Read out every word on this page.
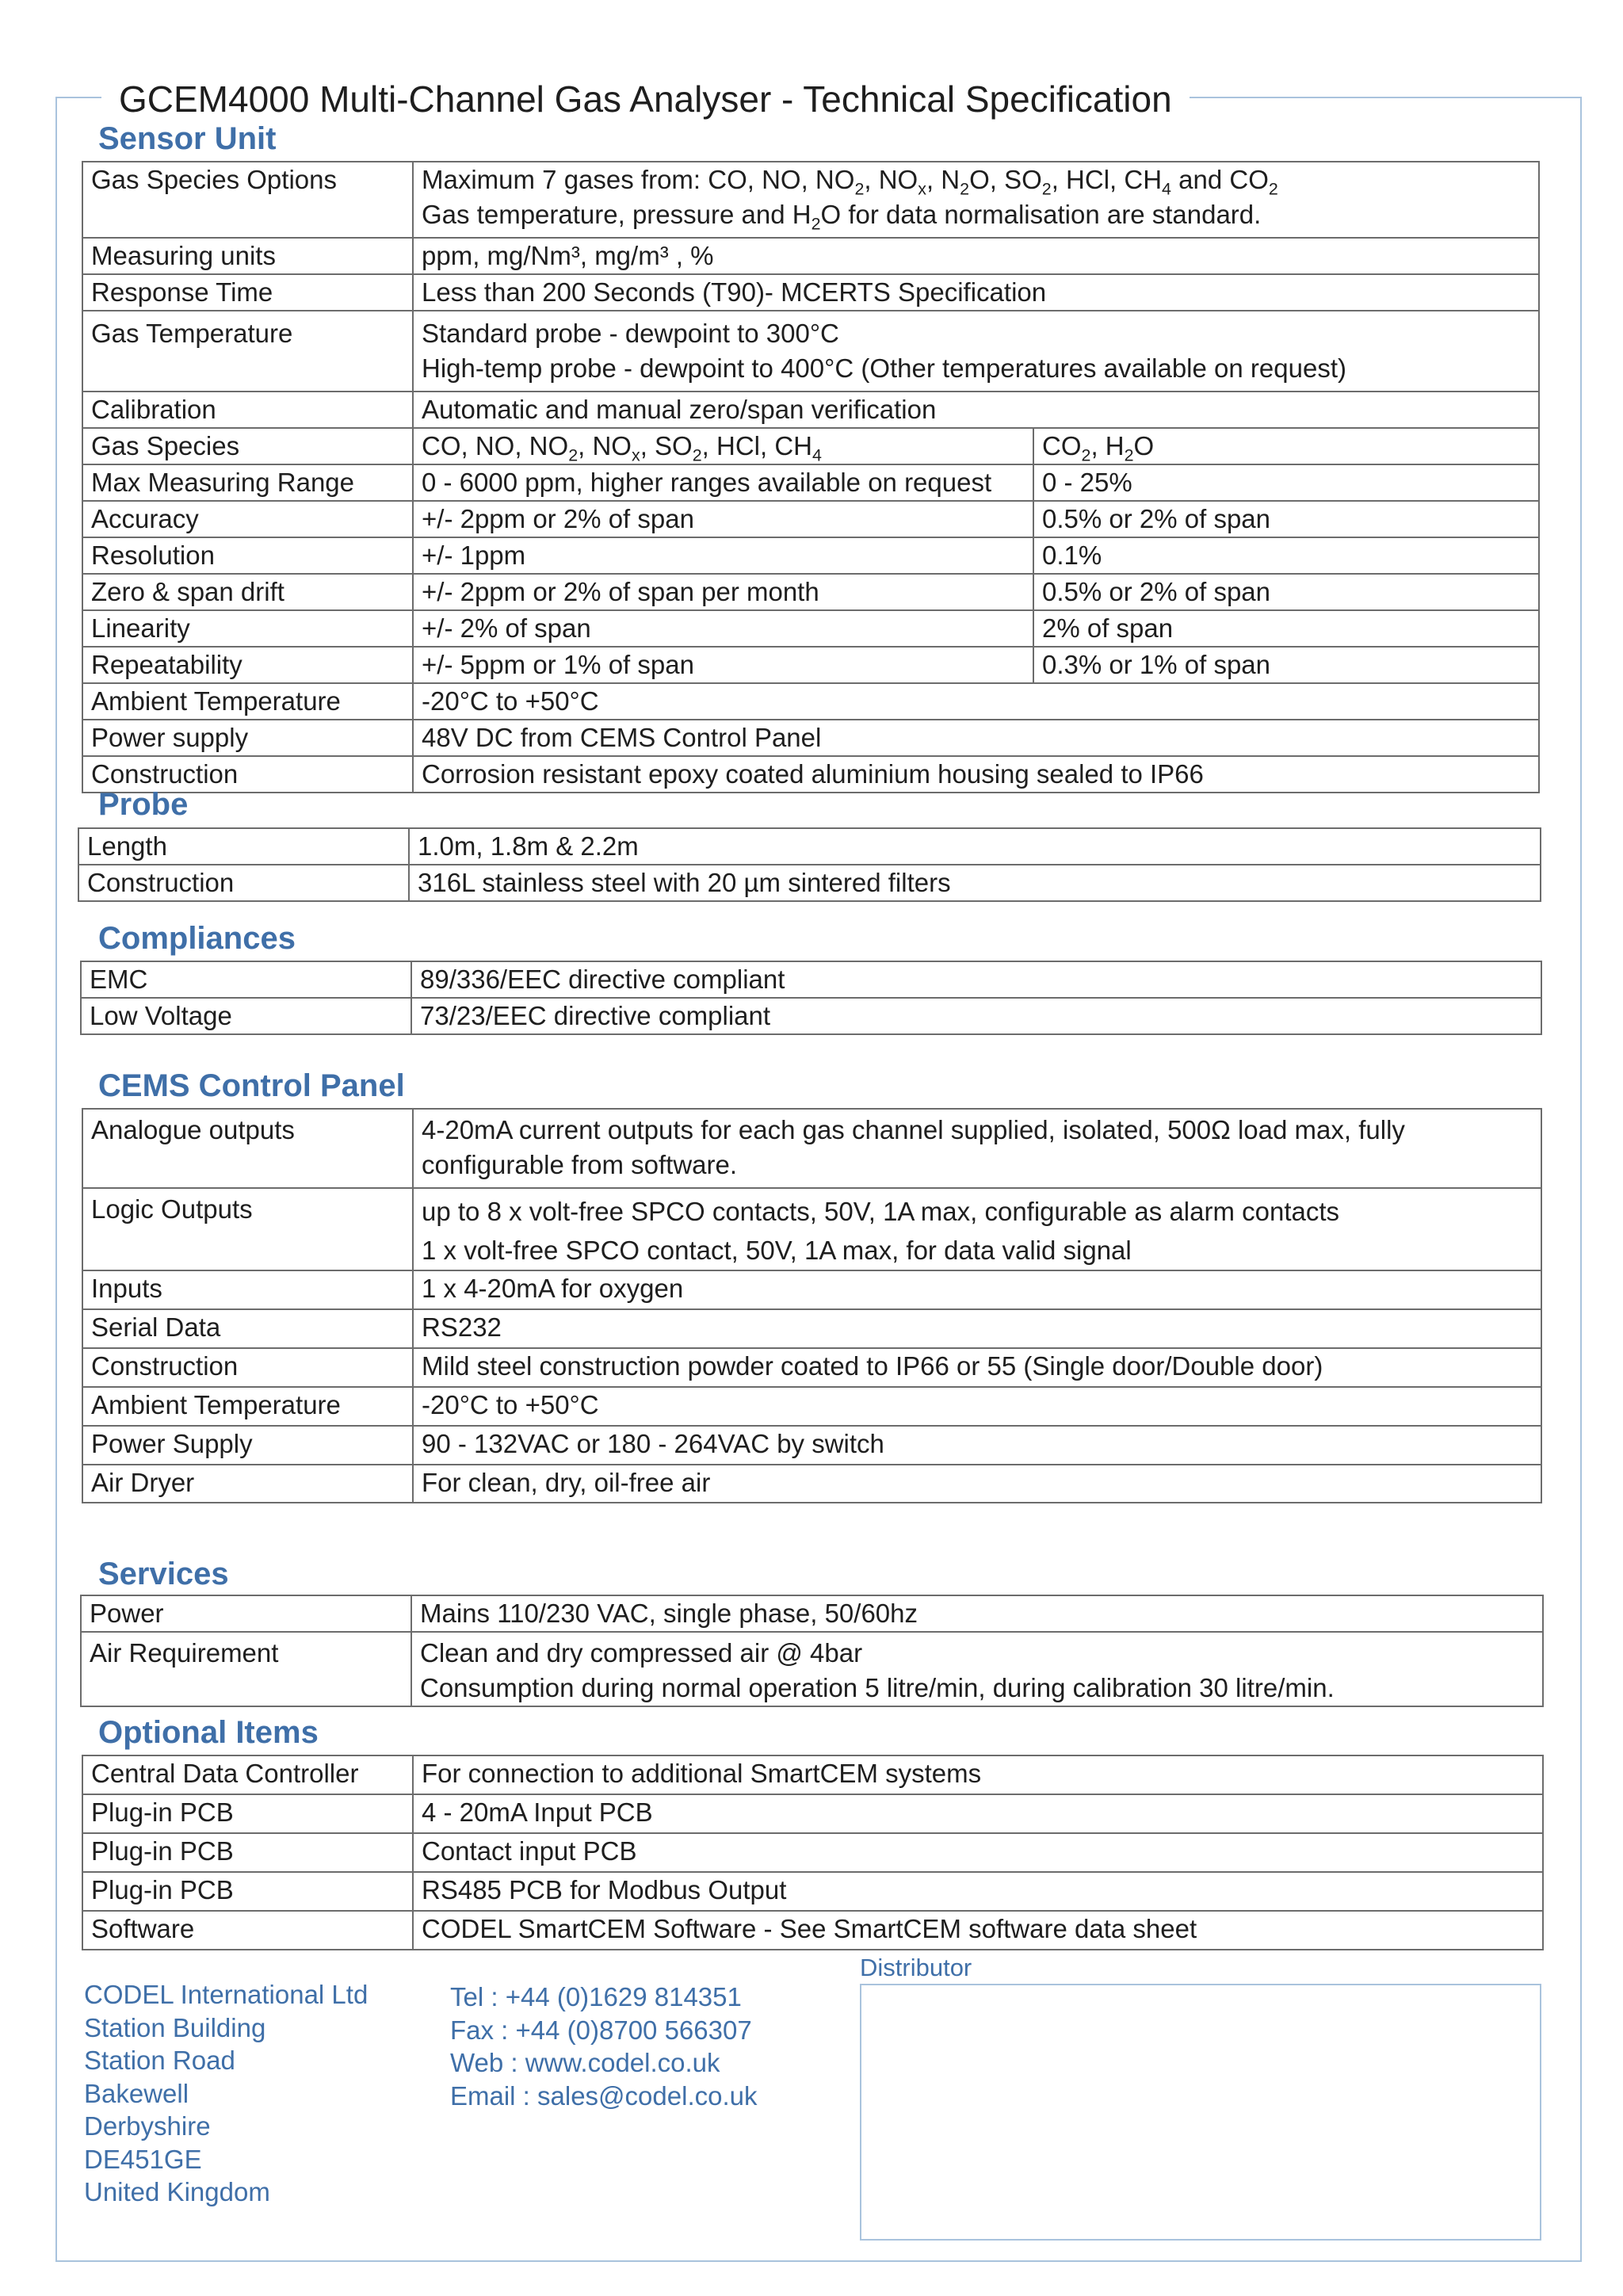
GCEM4000 Multi-Channel Gas Analyser - Technical Specification
Sensor Unit
Gas Species Options	Maximum 7 gases from: CO, NO, $NO_2$, $NO_x$, $N_2O$, $SO_2$, HCl, $CH_4$ and $CO_2$
Gas temperature, pressure and $H_2O$ for data normalisation are standard.	

Measuring units	ppm, mg/Nm³, mg/m³ , %	
Response Time	Less than 200 Seconds (T90)- MCERTS Specification	
Gas Temperature	Standard probe - dewpoint to 300°C
High-temp probe - dewpoint to 400°C (Other temperatures available on request)	

Calibration	Automatic and manual zero/span verification	
Gas Species	CO, NO, $NO_2$, $NO_x$, $SO_2$, HCl, $CH_4$	$CO_2$, $H_2O$
Max Measuring Range	0 - 6000 ppm, higher ranges available on request	0 - 25%
Accuracy	+/- 2ppm or 2% of span	0.5% or 2% of span
Resolution	+/- 1ppm	0.1%
Zero & span drift	+/- 2ppm or 2% of span per month	0.5% or 2% of span
Linearity	+/- 2% of span	2% of span
Repeatability	+/- 5ppm or 1% of span	0.3% or 1% of span
Ambient Temperature	-20°C to +50°C	
Power supply	48V DC from CEMS Control Panel	
Construction	Corrosion resistant epoxy coated aluminium housing sealed to IP66	
Probe
Length	1.0m, 1.8m & 2.2m
Construction	316L stainless steel with 20 µm sintered filters
Compliances
EMC	89/336/EEC directive compliant
Low Voltage	73/23/EEC directive compliant
CEMS Control Panel
Analogue outputs	4-20mA current outputs for each gas channel supplied, isolated, 500Ω load max, fully configurable from software.
Logic Outputs	up to 8 x volt-free SPCO contacts, 50V, 1A max, configurable as alarm contacts
1 x volt-free SPCO contact, 50V, 1A max, for data valid signal

Inputs	1 x 4-20mA for oxygen
Serial Data	RS232
Construction	Mild steel construction powder coated to IP66 or 55 (Single door/Double door)
Ambient Temperature	-20°C to +50°C
Power Supply	90 - 132VAC or 180 - 264VAC by switch
Air Dryer	For clean, dry, oil-free air
Services
Power	Mains 110/230 VAC, single phase, 50/60hz
Air Requirement	Clean and dry compressed air @ 4bar
Consumption during normal operation 5 litre/min, during calibration 30 litre/min.
Optional Items
Central Data Controller	For connection to additional SmartCEM systems
Plug-in PCB	4 - 20mA Input PCB
Plug-in PCB	Contact input PCB
Plug-in PCB	RS485 PCB for Modbus Output
Software	CODEL SmartCEM Software - See SmartCEM software data sheet
CODEL International Ltd
Station Building
Station Road
Bakewell
Derbyshire
DE451GE
United Kingdom
Tel : +44 (0)1629 814351
Fax : +44 (0)8700 566307
Web : www.codel.co.uk
Email : sales@codel.co.uk
Distributor
